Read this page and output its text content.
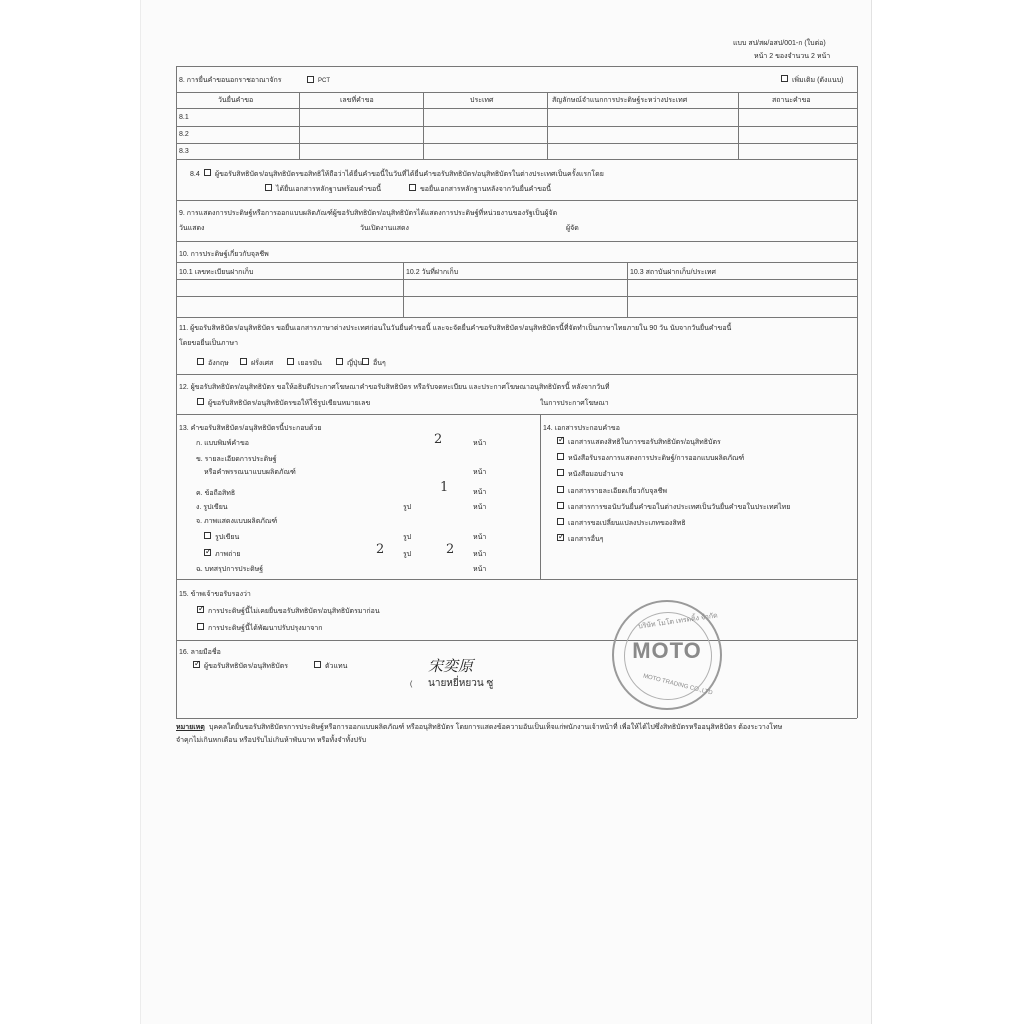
แบบ สป/สผ/อสป/001-ก (ใบต่อ)
หน้า 2 ของจำนวน 2 หน้า
8. การยื่นคำขอนอกราชอาณาจักร	PCT	เพิ่มเติม (ดังแนบ)
วันยื่นคำขอ	เลขที่คำขอ	ประเทศ	สัญลักษณ์จำแนกการประดิษฐ์ระหว่างประเทศ	สถานะคำขอ
8.1
8.2
8.3
8.4 ผู้ขอรับสิทธิบัตร/อนุสิทธิบัตรขอสิทธิให้ถือว่าได้ยื่นคำขอนี้ในวันที่ได้ยื่นคำขอรับสิทธิบัตร/อนุสิทธิบัตรในต่างประเทศเป็นครั้งแรกโดย
ได้ยื่นเอกสารหลักฐานพร้อมคำขอนี้	ขอยื่นเอกสารหลักฐานหลังจากวันยื่นคำขอนี้
9. การแสดงการประดิษฐ์หรือการออกแบบผลิตภัณฑ์ผู้ขอรับสิทธิบัตร/อนุสิทธิบัตรได้แสดงการประดิษฐ์ที่หน่วยงานของรัฐเป็นผู้จัด
วันแสดง	วันเปิดงานแสดง	ผู้จัด
10. การประดิษฐ์เกี่ยวกับจุลชีพ
10.1 เลขทะเบียนฝากเก็บ	10.2 วันที่ฝากเก็บ	10.3 สถาบันฝากเก็บ/ประเทศ
11. ผู้ขอรับสิทธิบัตร/อนุสิทธิบัตร ขอยื่นเอกสารภาษาต่างประเทศก่อนในวันยื่นคำขอนี้ และจะจัดยื่นคำขอรับสิทธิบัตร/อนุสิทธิบัตรนี้ที่จัดทำเป็นภาษาไทยภายใน 90 วัน นับจากวันยื่นคำขอนี้
โดยขอยื่นเป็นภาษา
อังกฤษ	ฝรั่งเศส	เยอรมัน	ญี่ปุ่น อื่นๆ
12. ผู้ขอรับสิทธิบัตร/อนุสิทธิบัตร ขอให้อธิบดีประกาศโฆษณาคำขอรับสิทธิบัตร หรือรับจดทะเบียน และประกาศโฆษณาอนุสิทธิบัตรนี้ หลังจากวันที่
ผู้ขอรับสิทธิบัตร/อนุสิทธิบัตรขอให้ใช้รูปเขียนหมายเลข	ในการประกาศโฆษณา
13. คำขอรับสิทธิบัตร/อนุสิทธิบัตรนี้ประกอบด้วย
ก. แบบพิมพ์คำขอ	2	หน้า
ข. รายละเอียดการประดิษฐ์
หรือคำพรรณนาแบบผลิตภัณฑ์	หน้า
ค. ข้อถือสิทธิ	1	หน้า
ง. รูปเขียน	รูป	หน้า
จ. ภาพแสดงแบบผลิตภัณฑ์
รูปเขียน	รูป	หน้า
✓
ภาพถ่าย	2	รูป	2	หน้า
ฉ. บทสรุปการประดิษฐ์	หน้า
14. เอกสารประกอบคำขอ
✓
เอกสารแสดงสิทธิในการขอรับสิทธิบัตร/อนุสิทธิบัตร
หนังสือรับรองการแสดงการประดิษฐ์/การออกแบบผลิตภัณฑ์
หนังสือมอบอำนาจ
เอกสารรายละเอียดเกี่ยวกับจุลชีพ
เอกสารการขอนับวันยื่นคำขอในต่างประเทศเป็นวันยื่นคำขอในประเทศไทย
เอกสารขอเปลี่ยนแปลงประเภทของสิทธิ
✓
เอกสารอื่นๆ
15. ข้าพเจ้าขอรับรองว่า
✓
การประดิษฐ์นี้ไม่เคยยื่นขอรับสิทธิบัตร/อนุสิทธิบัตรมาก่อน
การประดิษฐ์นี้ได้พัฒนาปรับปรุงมาจาก
16. ลายมือชื่อ
✓
ผู้ขอรับสิทธิบัตร/อนุสิทธิบัตร	ตัวแทน	宋奕原
( นายหยี่หยวน ซู
บริษัท โมโต เทรดดิ้ง จำกัด
MOTO
MOTO TRADING CO.,LTD
หมายเหตุ บุคคลใดยื่นขอรับสิทธิบัตรการประดิษฐ์หรือการออกแบบผลิตภัณฑ์ หรืออนุสิทธิบัตร โดยการแสดงข้อความอันเป็นเท็จแก่พนักงานเจ้าหน้าที่ เพื่อให้ได้ไปซึ่งสิทธิบัตรหรืออนุสิทธิบัตร ต้องระวางโทษ
จำคุกไม่เกินหกเดือน หรือปรับไม่เกินห้าพันบาท หรือทั้งจำทั้งปรับ
